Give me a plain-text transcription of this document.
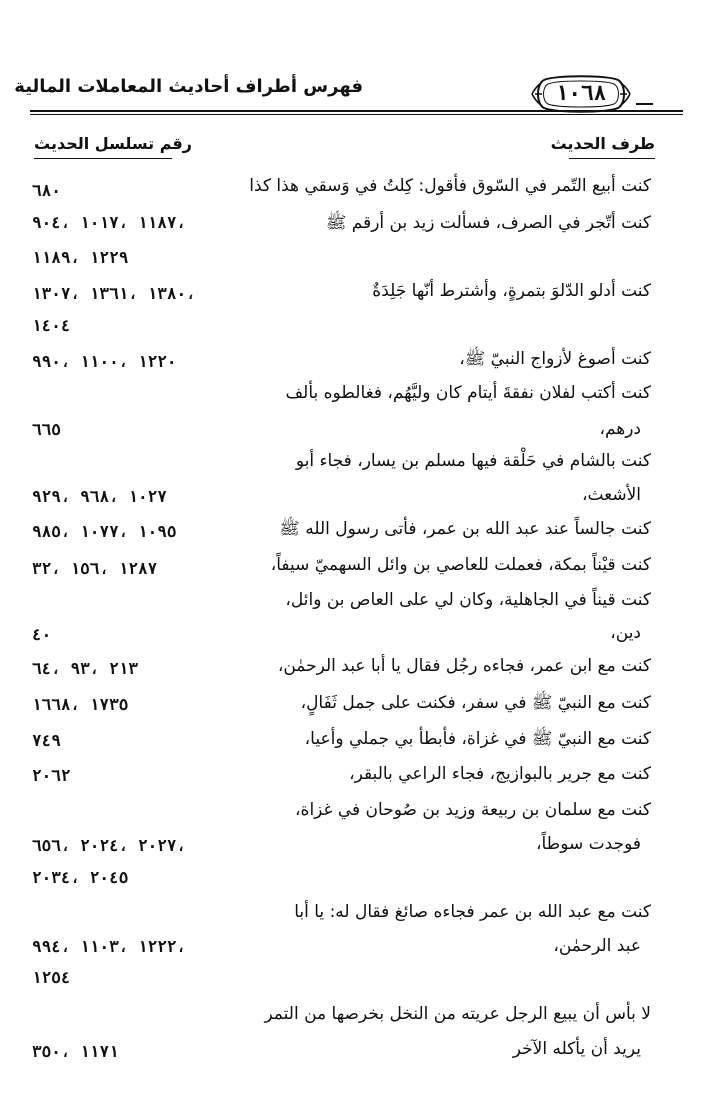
فهرس أطراف أحاديث المعاملات المالية	١٠٦٨
طرف الحديث
رقم تسلسل الحديث
كنت أبيع التّمر في السّوق فأقول: كِلتُ في وَسقي هذا كذا
٦٨٠
كنت أتّجر في الصرف، فسألت زيد بن أرقم ﷺ
١١٨٧ ،١٠١٧ ،٩٠٤،
١٢٢٩ ،١١٨٩
كنت أدلو الدّلوَ بتمرةٍ، وأشترط أنّها جَلِدَةٌ
١٣٨٠ ،١٣٦١ ،١٣٠٧،
١٤٠٤
كنت أصوغ لأزواج النبيّ ﷺ،
١٢٢٠ ،١١٠٠ ،٩٩٠
كنت أكتب لفلان نفقةَ أيتام كان وليَّهُم، فغالطوه بألف
درهم،
٦٦٥
كنت بالشام في حَلْقة فيها مسلم بن يسار، فجاء أبو
الأشعث،
١٠٢٧ ،٩٦٨ ،٩٢٩
كنت جالساً عند عبد الله بن عمر، فأتى رسول الله ﷺ
١٠٩٥ ،١٠٧٧ ،٩٨٥
كنت قيْناً بمكة، فعملت للعاصي بن وائل السهميّ سيفاً،
١٢٨٧ ،١٥٦ ،٣٢
كنت قيناً في الجاهلية، وكان لي على العاص بن وائل،
دين،
٤٠
كنت مع ابن عمر، فجاءه رجُل فقال يا أبا عبد الرحمٰن،
٢١٣ ،٩٣ ،٦٤
كنت مع النبيّ ﷺ في سفر، فكنت على جمل ثَفَالٍ،
١٧٣٥ ،١٦٦٨
كنت مع النبيّ ﷺ في غزاة، فأبطأ بي جملي وأعيا،
٧٤٩
كنت مع جرير بالبوازيج، فجاء الراعي بالبقر،
٢٠٦٢
كنت مع سلمان بن ربيعة وزيد بن صُوحان في غزاة،
فوجدت سوطاً،
٢٠٢٧ ،٢٠٢٤ ،٦٥٦،
٢٠٤٥ ،٢٠٣٤
كنت مع عبد الله بن عمر فجاءه صائغ فقال له: يا أبا
عبد الرحمٰن،
١٢٢٢ ،١١٠٣ ،٩٩٤،
١٢٥٤
لا بأس أن يبيع الرجل عريته من النخل بخرصها من التمر
يريد أن يأكله الآخر
١١٧١ ،٣٥٠
